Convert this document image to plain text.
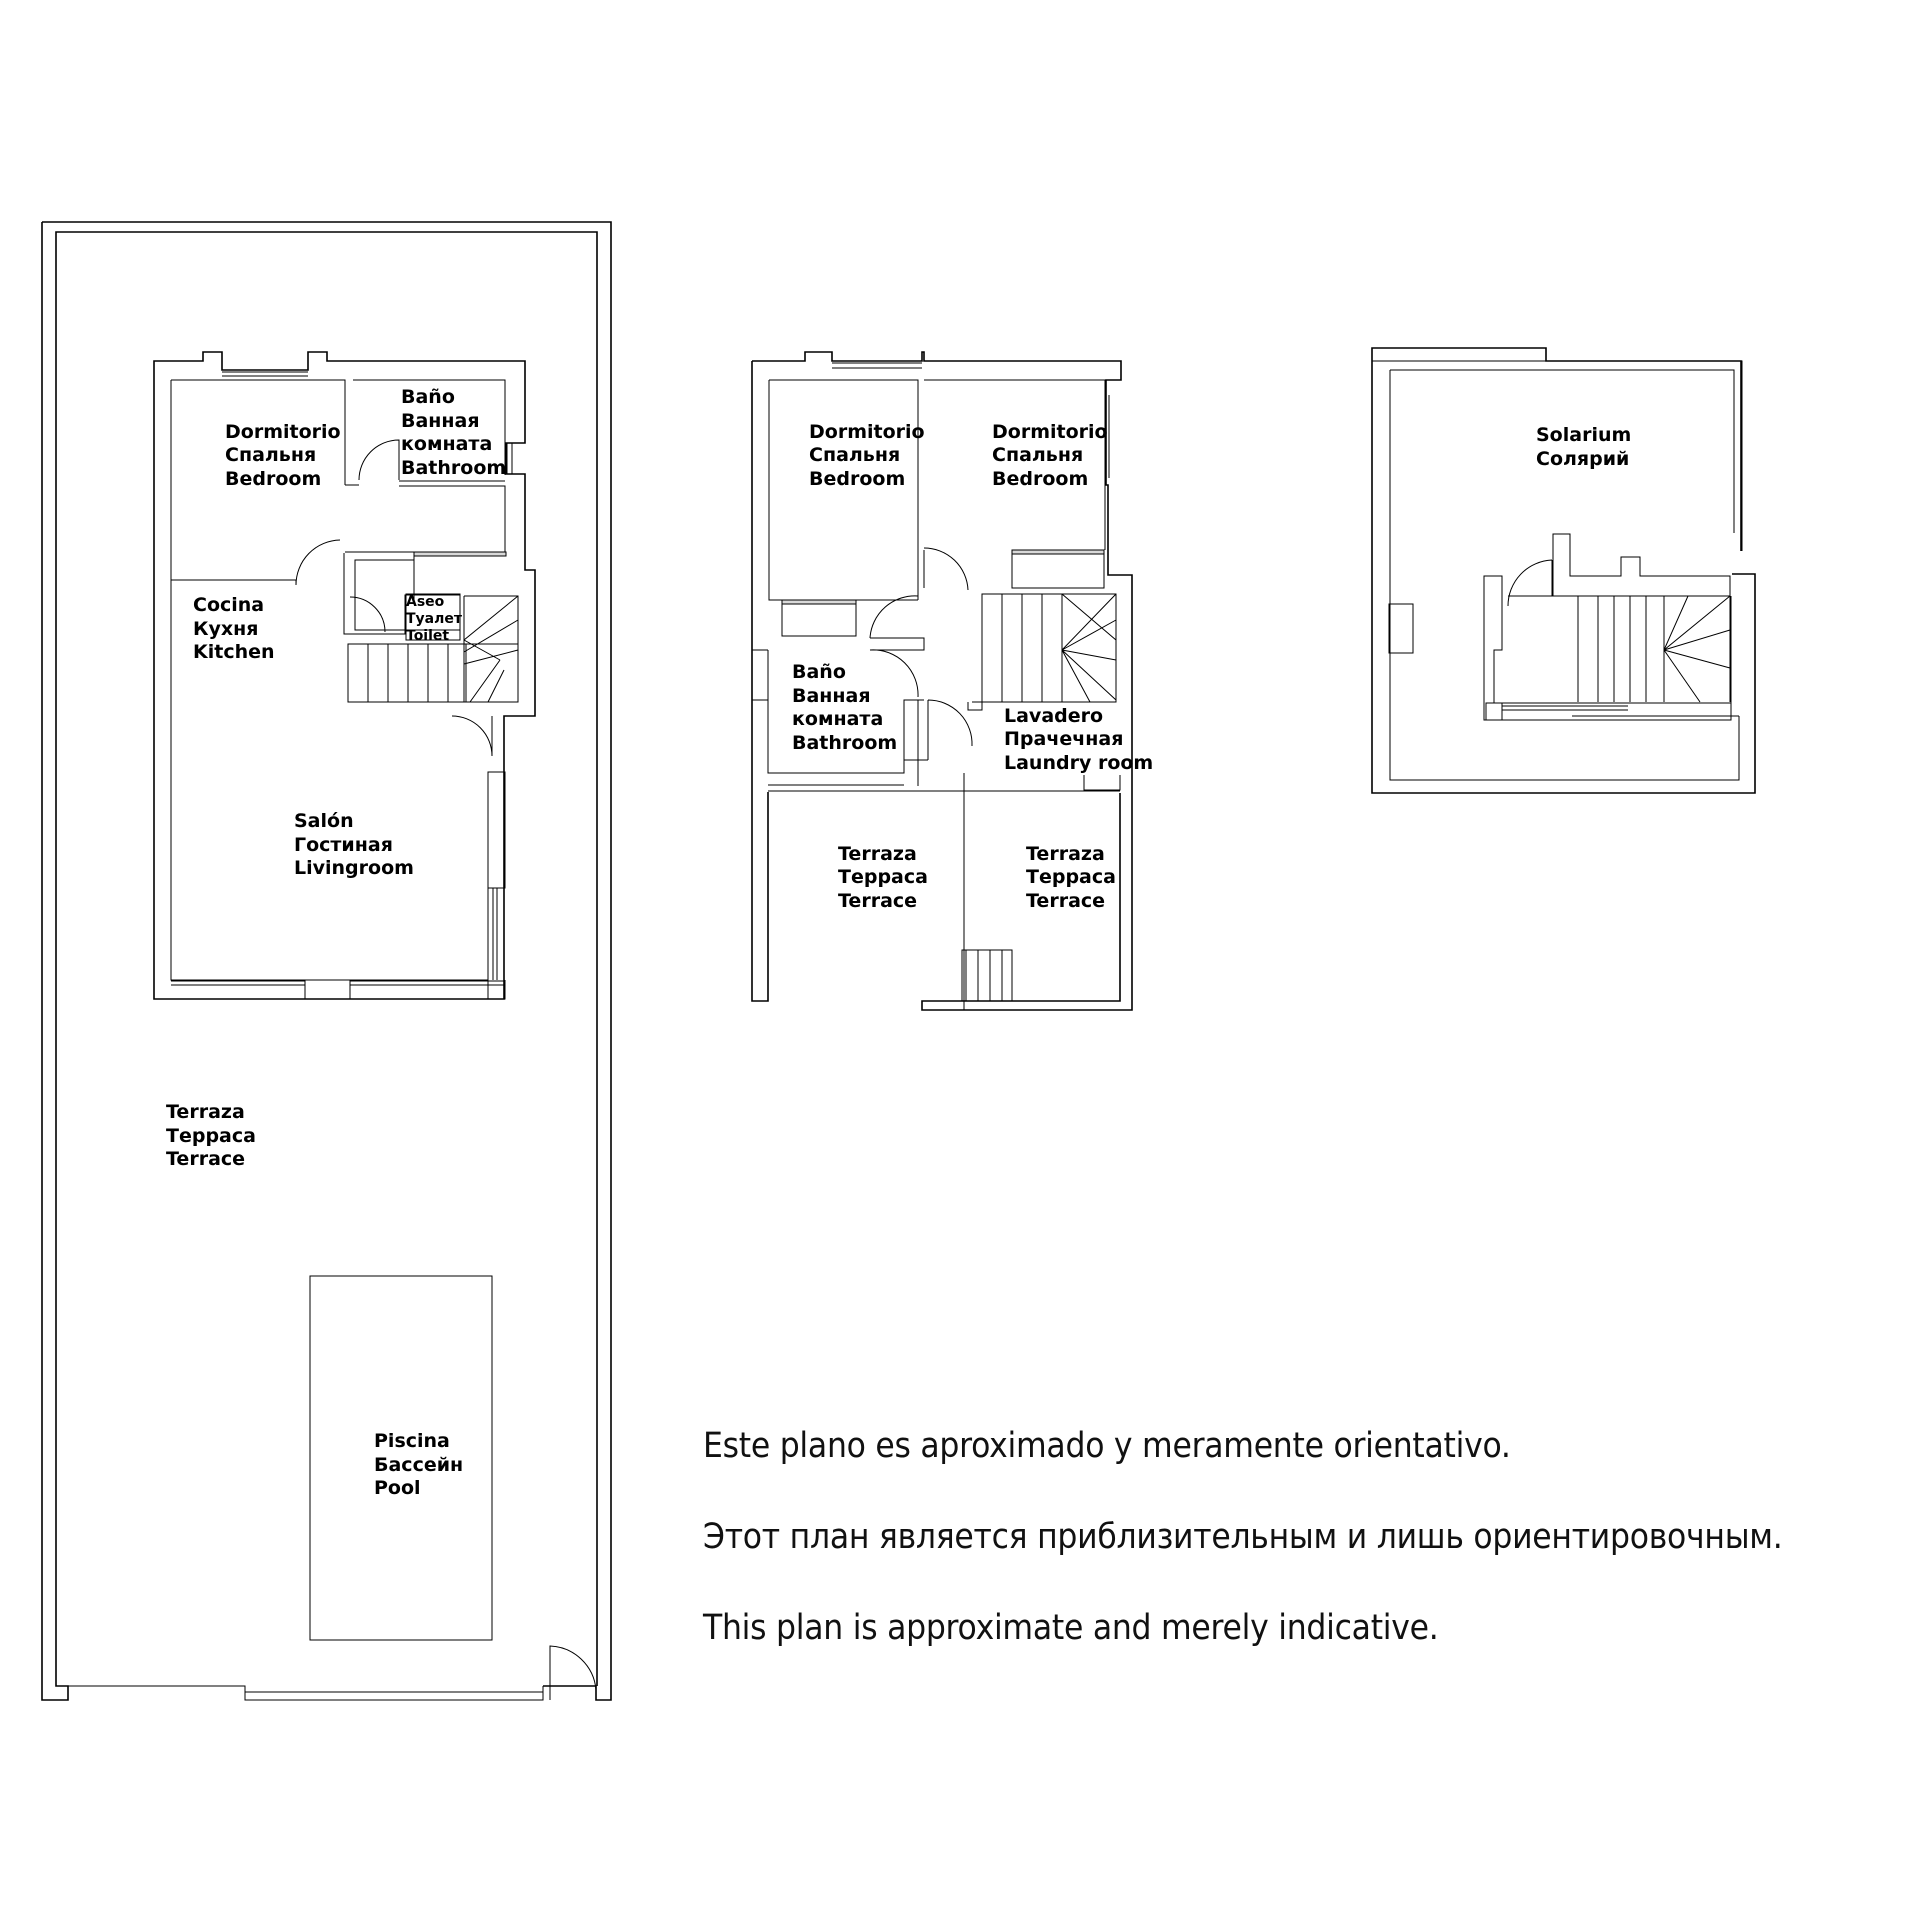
Dormitorio Спальня Bedroom
Baño Ванная комната Bathroom
Cocina Кухня Kitchen
Aseo Туалет Toilet
Salón Гостиная Livingroom
Terraza Терраса Terrace
Piscina Бассейн Pool
Dormitorio Спальня Bedroom
Dormitorio Спальня Bedroom
Baño Ванная комната Bathroom
Lavadero Прачечная Laundry room
Terraza Терраса Terrace
Terraza Терраса Terrace
Solarium Солярий
Este plano es aproximado y meramente orientativo.
Этот план является приблизительным и лишь ориентировочным.
This plan is approximate and merely indicative.
